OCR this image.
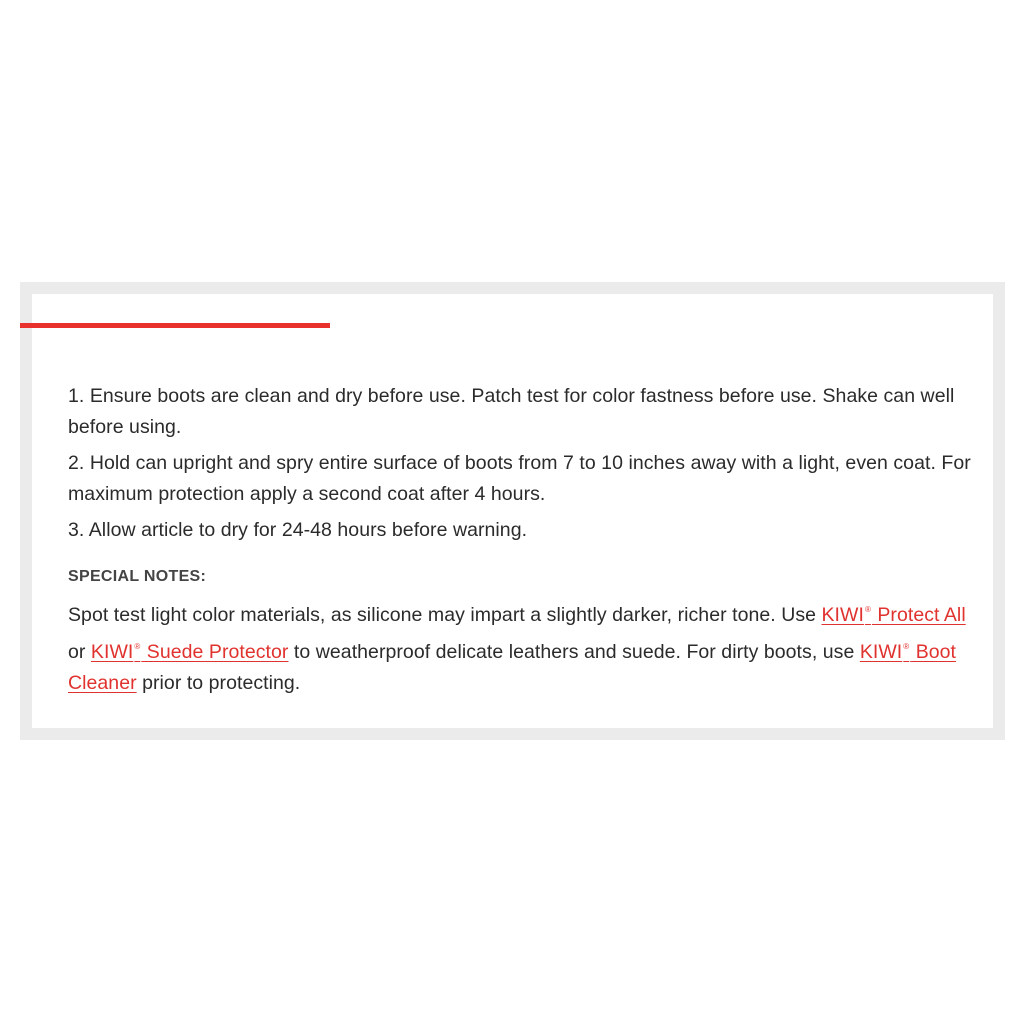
1. Ensure boots are clean and dry before use. Patch test for color fastness before use. Shake can well before using.

2. Hold can upright and spry entire surface of boots from 7 to 10 inches away with a light, even coat. For maximum protection apply a second coat after 4 hours.

3. Allow article to dry for 24-48 hours before warning.

SPECIAL NOTES:

Spot test light color materials, as silicone may impart a slightly darker, richer tone. Use KIWI® Protect All or KIWI® Suede Protector to weatherproof delicate leathers and suede. For dirty boots, use KIWI® Boot Cleaner prior to protecting.
